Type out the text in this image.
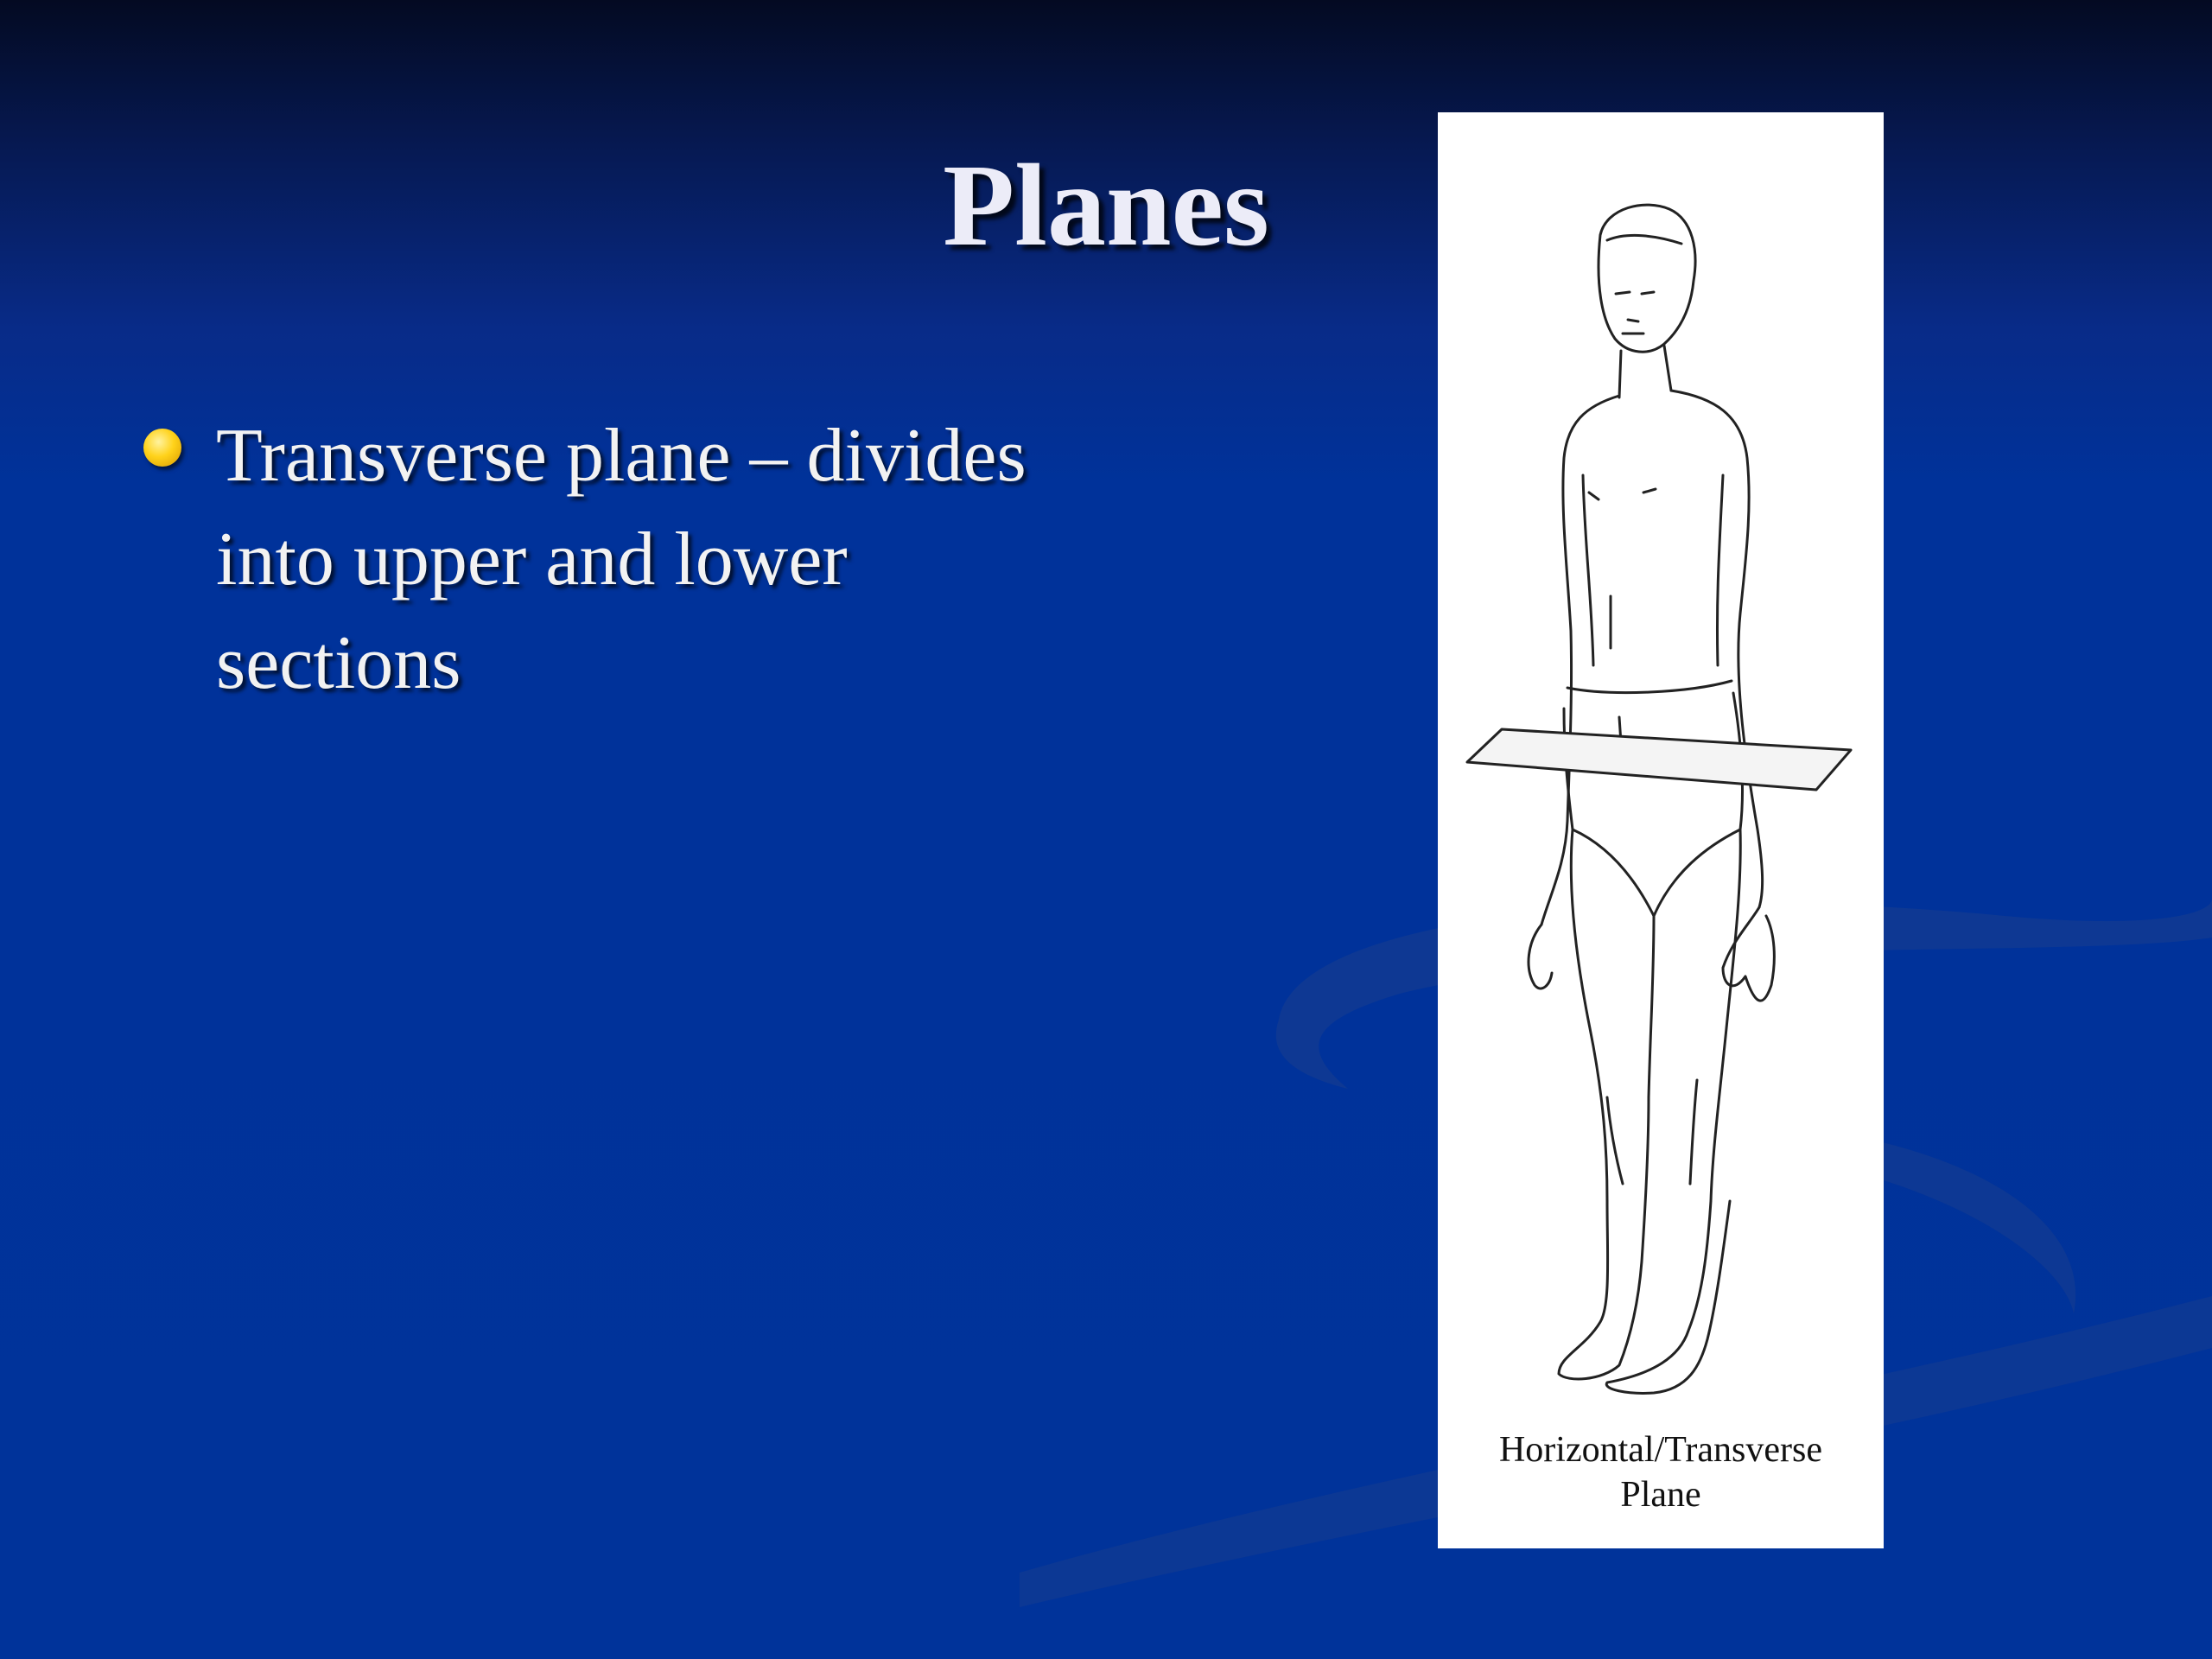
Planes
Transverse plane – divides into upper and lower sections
Horizontal/Transverse
Plane
